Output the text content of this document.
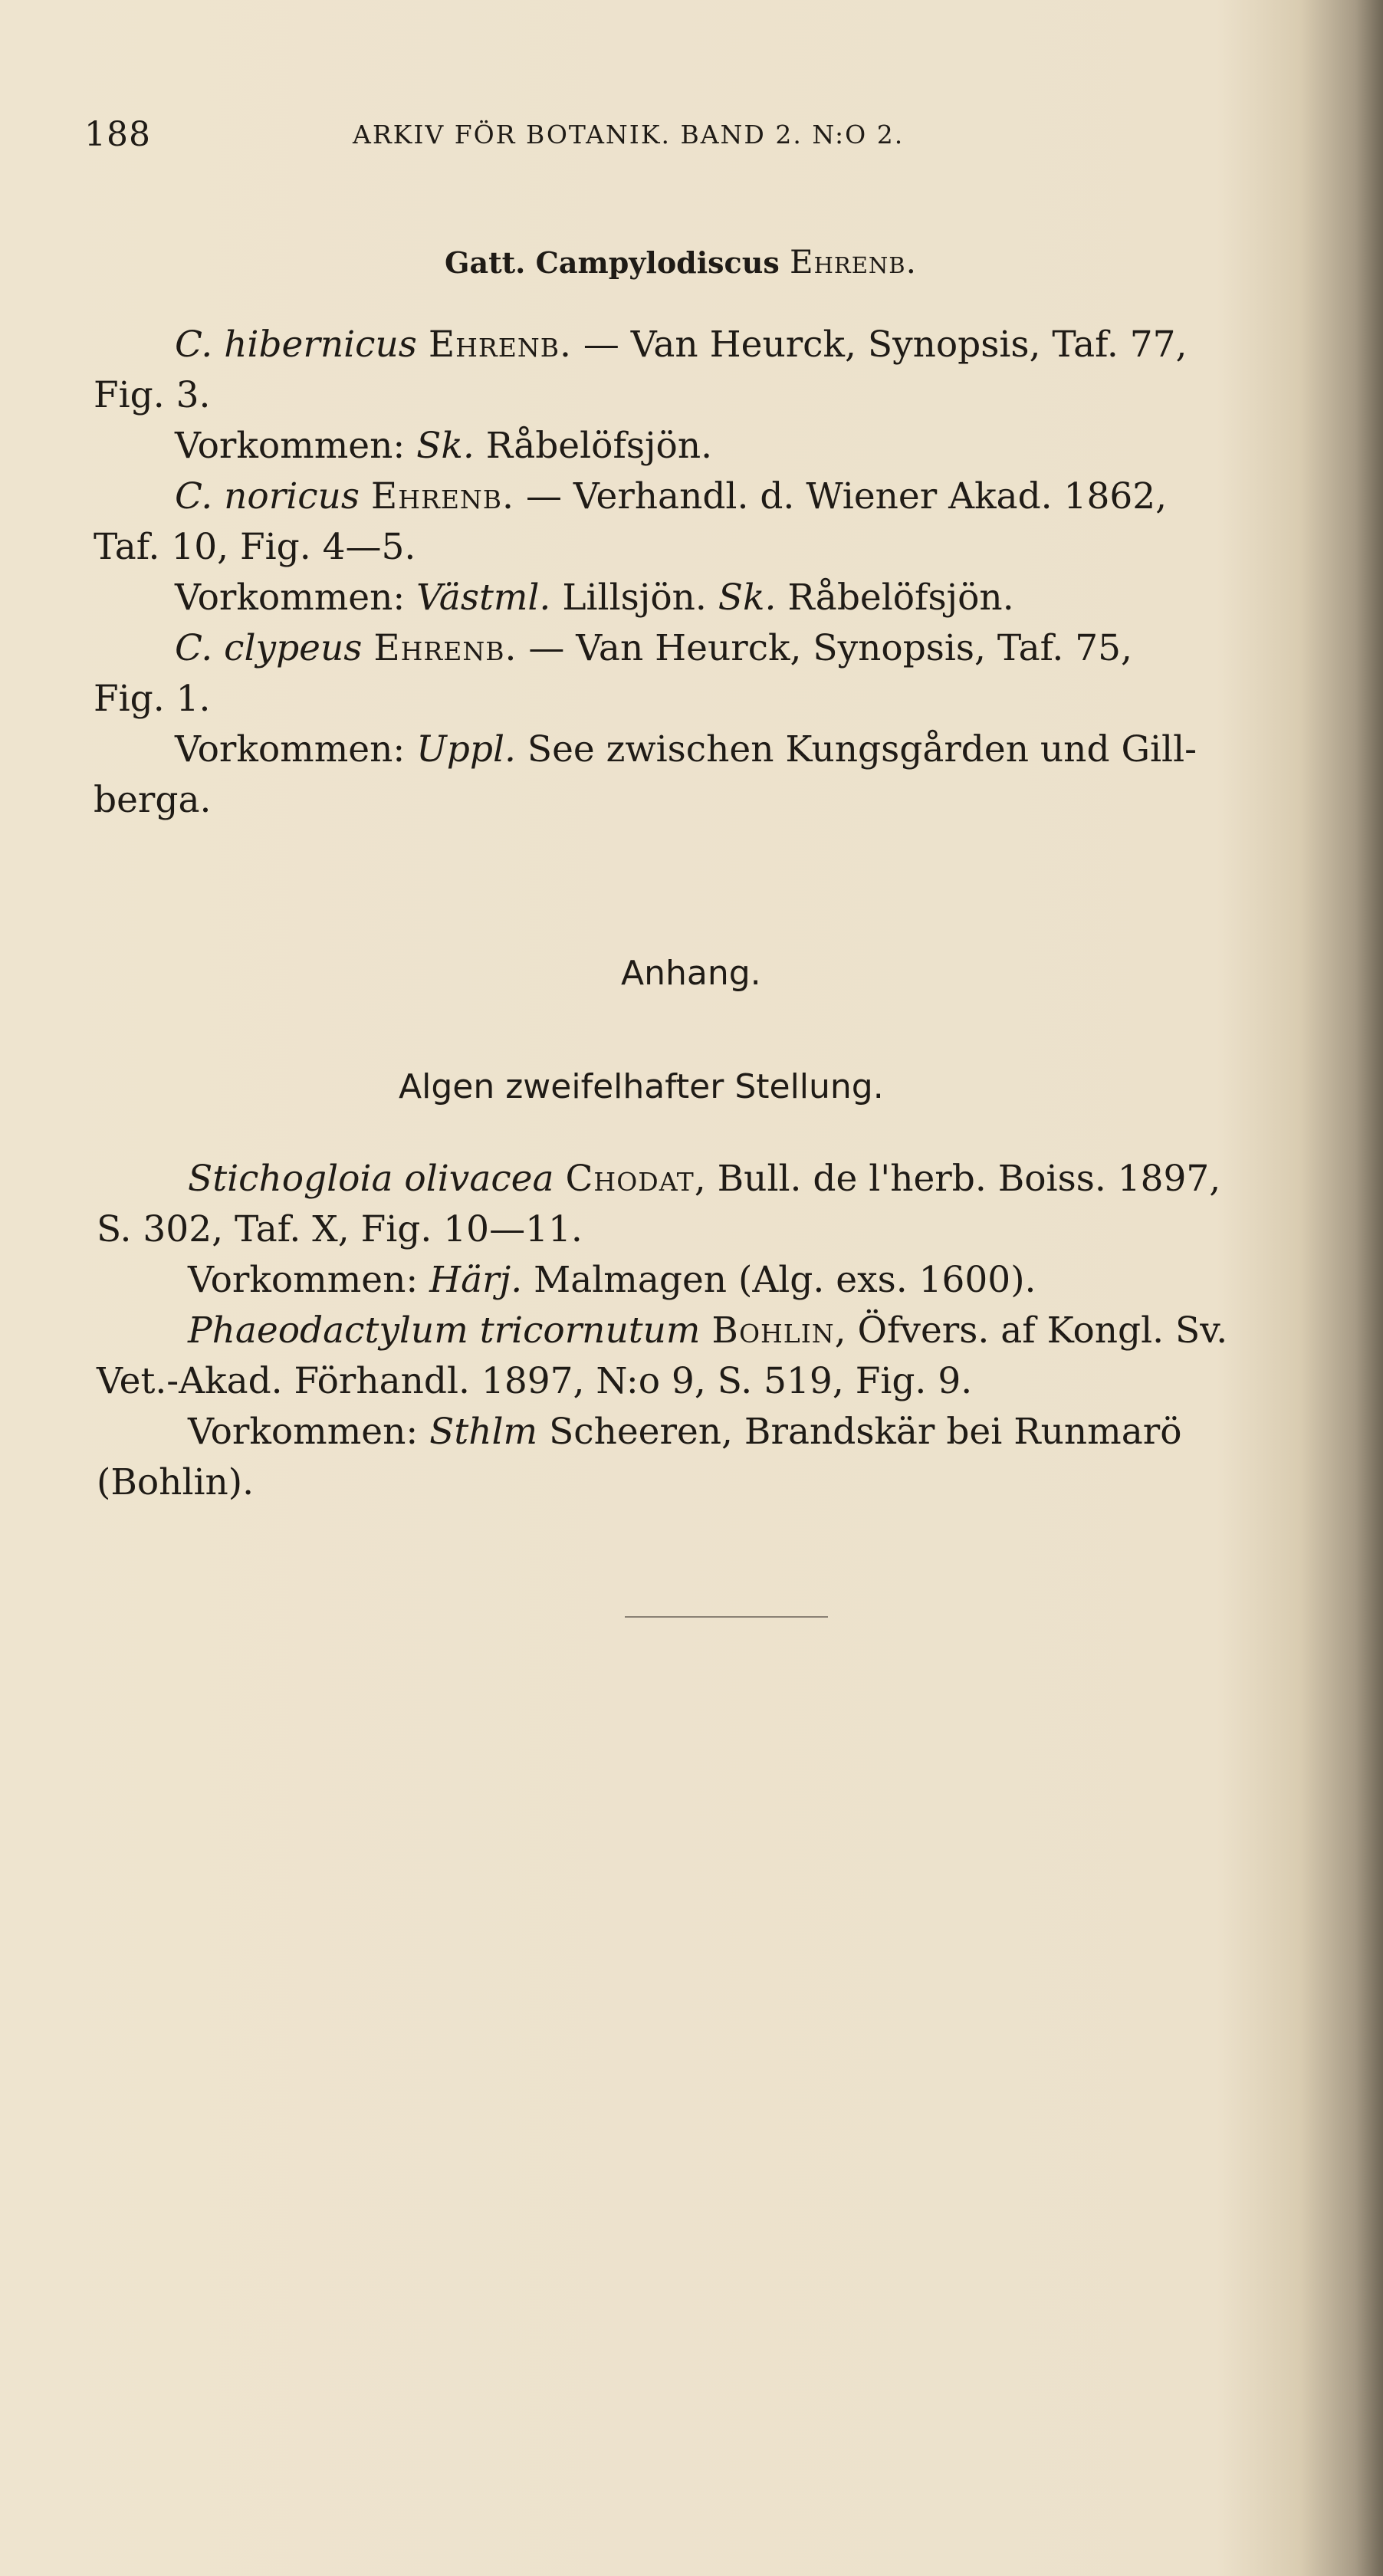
188	ARKIV FÖR BOTANIK. BAND 2. N:O 2.
Gatt. Campylodiscus Ehrenb.
C. hibernicus Ehrenb. — Van Heurck, Synopsis, Taf. 77,
Fig. 3.
Vorkommen: Sk. Råbelöfsjön.
C. noricus Ehrenb. — Verhandl. d. Wiener Akad. 1862,
Taf. 10, Fig. 4—5.
Vorkommen: Västml. Lillsjön. Sk. Råbelöfsjön.
C. clypeus Ehrenb. — Van Heurck, Synopsis, Taf. 75,
Fig. 1.
Vorkommen: Uppl. See zwischen Kungsgården und Gill-
berga.
Anhang.
Algen zweifelhafter Stellung.
Stichogloia olivacea Chodat, Bull. de l'herb. Boiss. 1897,
S. 302, Taf. X, Fig. 10—11.
Vorkommen: Härj. Malmagen (Alg. exs. 1600).
Phaeodactylum tricornutum Bohlin, Öfvers. af Kongl. Sv.
Vet.-Akad. Förhandl. 1897, N:o 9, S. 519, Fig. 9.
Vorkommen: Sthlm Scheeren, Brandskär bei Runmarö
(Bohlin).
